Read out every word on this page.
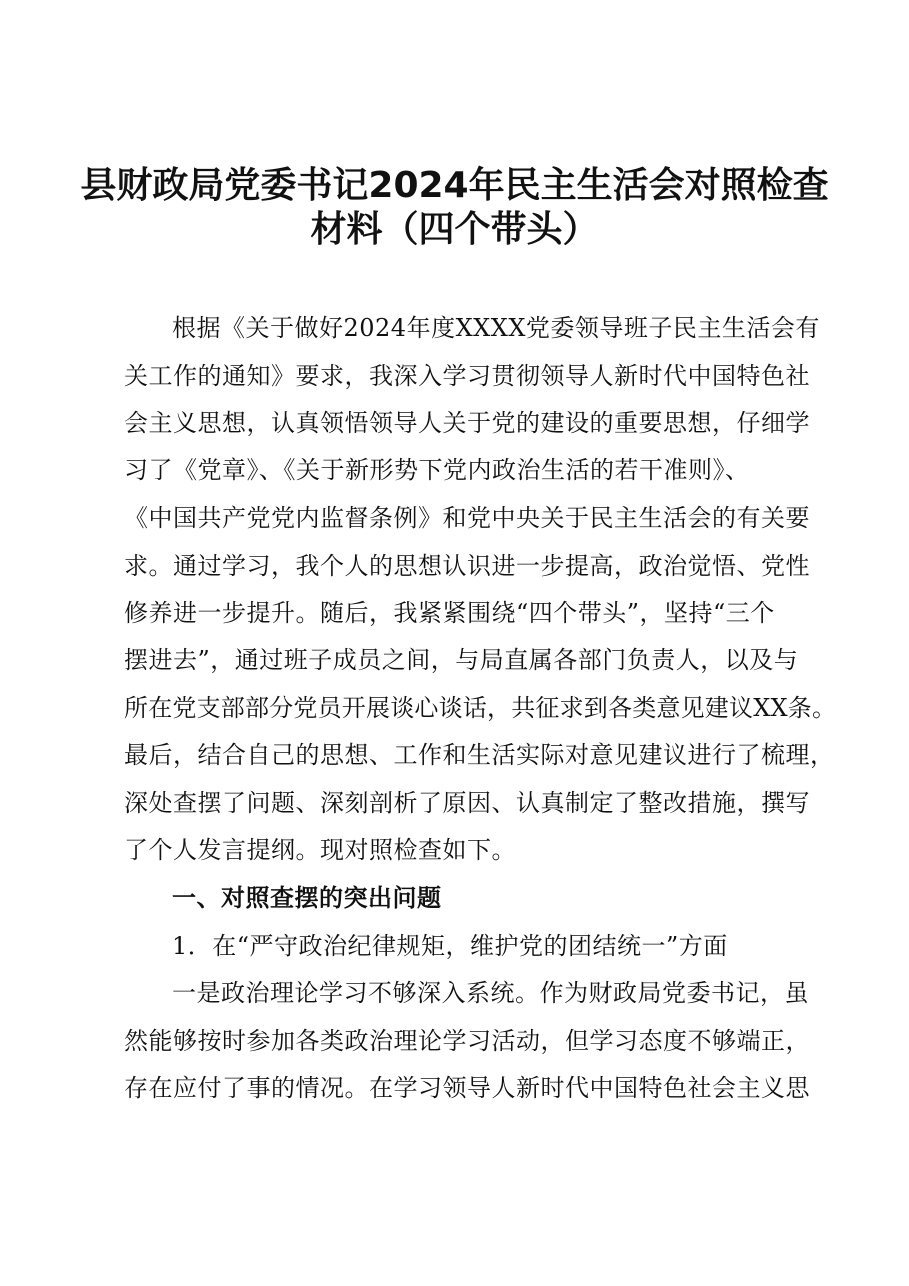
县财政局党委书记2024年民主生活会对照检查
材料（四个带头）

根据《关于做好2024年度XXXX党委领导班子民主生活会有

关工作的通知》要求，我深入学习贯彻领导人新时代中国特色社

会主义思想，认真领悟领导人关于党的建设的重要思想，仔细学

习了《党章》、《关于新形势下党内政治生活的若干准则》、

《中国共产党党内监督条例》和党中央关于民主生活会的有关要

求。通过学习，我个人的思想认识进一步提高，政治觉悟、党性

修养进一步提升。随后，我紧紧围绕“四个带头”，坚持“三个

摆进去”，通过班子成员之间，与局直属各部门负责人，以及与

所在党支部部分党员开展谈心谈话，共征求到各类意见建议XX条。

最后，结合自己的思想、工作和生活实际对意见建议进行了梳理，

深处查摆了问题、深刻剖析了原因、认真制定了整改措施，撰写

了个人发言提纲。现对照检查如下。

一、对照查摆的突出问题

1．在“严守政治纪律规矩，维护党的团结统一”方面

一是政治理论学习不够深入系统。作为财政局党委书记，虽

然能够按时参加各类政治理论学习活动，但学习态度不够端正，

存在应付了事的情况。在学习领导人新时代中国特色社会主义思
